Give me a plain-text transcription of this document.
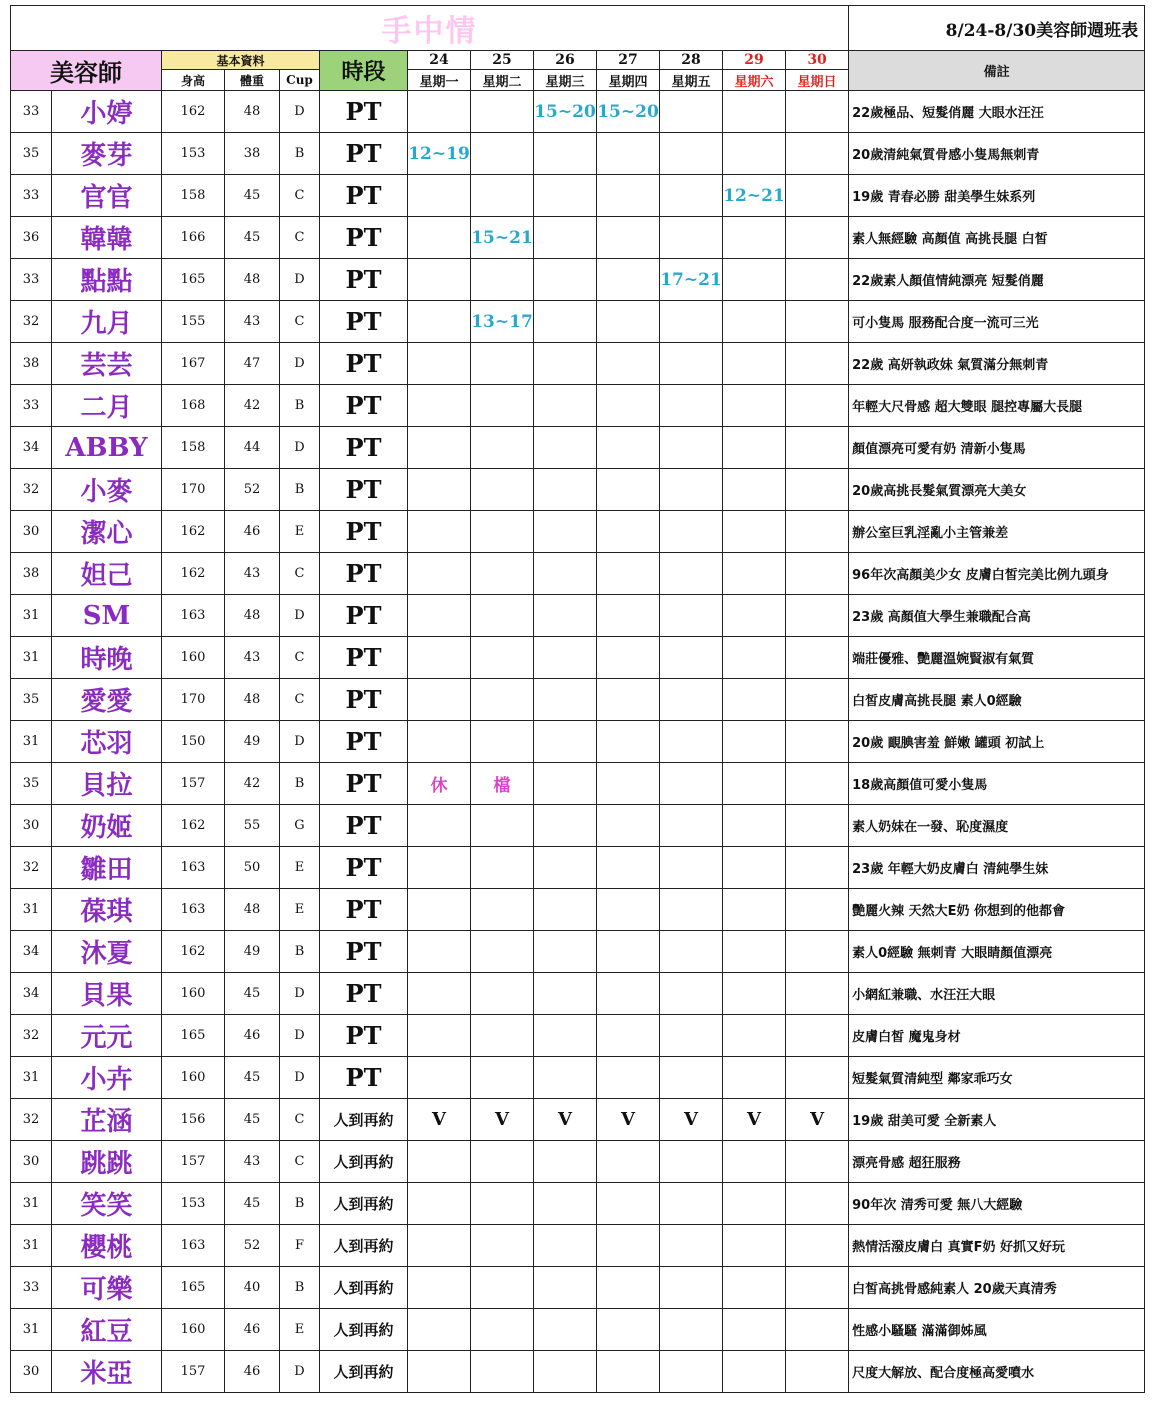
手中情													8/24-8/30美容師週班表
美容師		基本資料			時段	24	25	26	27	28	29	30	備註
		身高	體重	Cup		星期一	星期二	星期三	星期四	星期五	星期六	星期日	
33	小婷	162	48	D	PT			15~20	15~20				22歲極品、短髮俏麗 大眼水汪汪
35	麥芽	153	38	B	PT	12~19							20歲清純氣質骨感小隻馬無刺青
33	官官	158	45	C	PT						12~21		19歲 青春必勝 甜美學生妹系列
36	韓韓	166	45	C	PT		15~21						素人無經驗 高顏值 高挑長腿 白皙
33	點點	165	48	D	PT					17~21			22歲素人顏值情純漂亮 短髮俏麗
32	九月	155	43	C	PT		13~17						可小隻馬 服務配合度一流可三光
38	芸芸	167	47	D	PT								22歲 高妍執政妹 氣質滿分無刺青
33	二月	168	42	B	PT								年輕大尺骨感 超大雙眼 腿控專屬大長腿
34	ABBY	158	44	D	PT								顏值漂亮可愛有奶 清新小隻馬
32	小麥	170	52	B	PT								20歲高挑長髮氣質漂亮大美女
30	潔心	162	46	E	PT								辦公室巨乳淫亂小主管兼差
38	妲己	162	43	C	PT								96年次高顏美少女 皮膚白皙完美比例九頭身
31	SM	163	48	D	PT								23歲 高顏值大學生兼職配合高
31	時晚	160	43	C	PT								端莊優雅、艷麗溫婉賢淑有氣質
35	愛愛	170	48	C	PT								白皙皮膚高挑長腿 素人0經驗
31	芯羽	150	49	D	PT								20歲 靦腆害羞 鮮嫩 罐頭 初試上
35	貝拉	157	42	B	PT	休	檔						18歲高顏值可愛小隻馬
30	奶姬	162	55	G	PT								素人奶妹在一發、恥度濕度
32	雛田	163	50	E	PT								23歲 年輕大奶皮膚白 清純學生妹
31	葆琪	163	48	E	PT								艷麗火辣 天然大E奶 你想到的他都會
34	沐夏	162	49	B	PT								素人0經驗 無刺青 大眼睛顏值漂亮
34	貝果	160	45	D	PT								小網紅兼職、水汪汪大眼
32	元元	165	46	D	PT								皮膚白皙 魔鬼身材
31	小卉	160	45	D	PT								短髮氣質清純型 鄰家乖巧女
32	芷涵	156	45	C	人到再約	V	V	V	V	V	V	V	19歲 甜美可愛 全新素人
30	跳跳	157	43	C	人到再約								漂亮骨感 超狂服務
31	笑笑	153	45	B	人到再約								90年次 清秀可愛 無八大經驗
31	櫻桃	163	52	F	人到再約								熱情活潑皮膚白 真實F奶 好抓又好玩
33	可樂	165	40	B	人到再約								白皙高挑骨感純素人 20歲天真清秀
31	紅豆	160	46	E	人到再約								性感小騷騷 滿滿御姊風
30	米亞	157	46	D	人到再約								尺度大解放、配合度極高愛噴水
